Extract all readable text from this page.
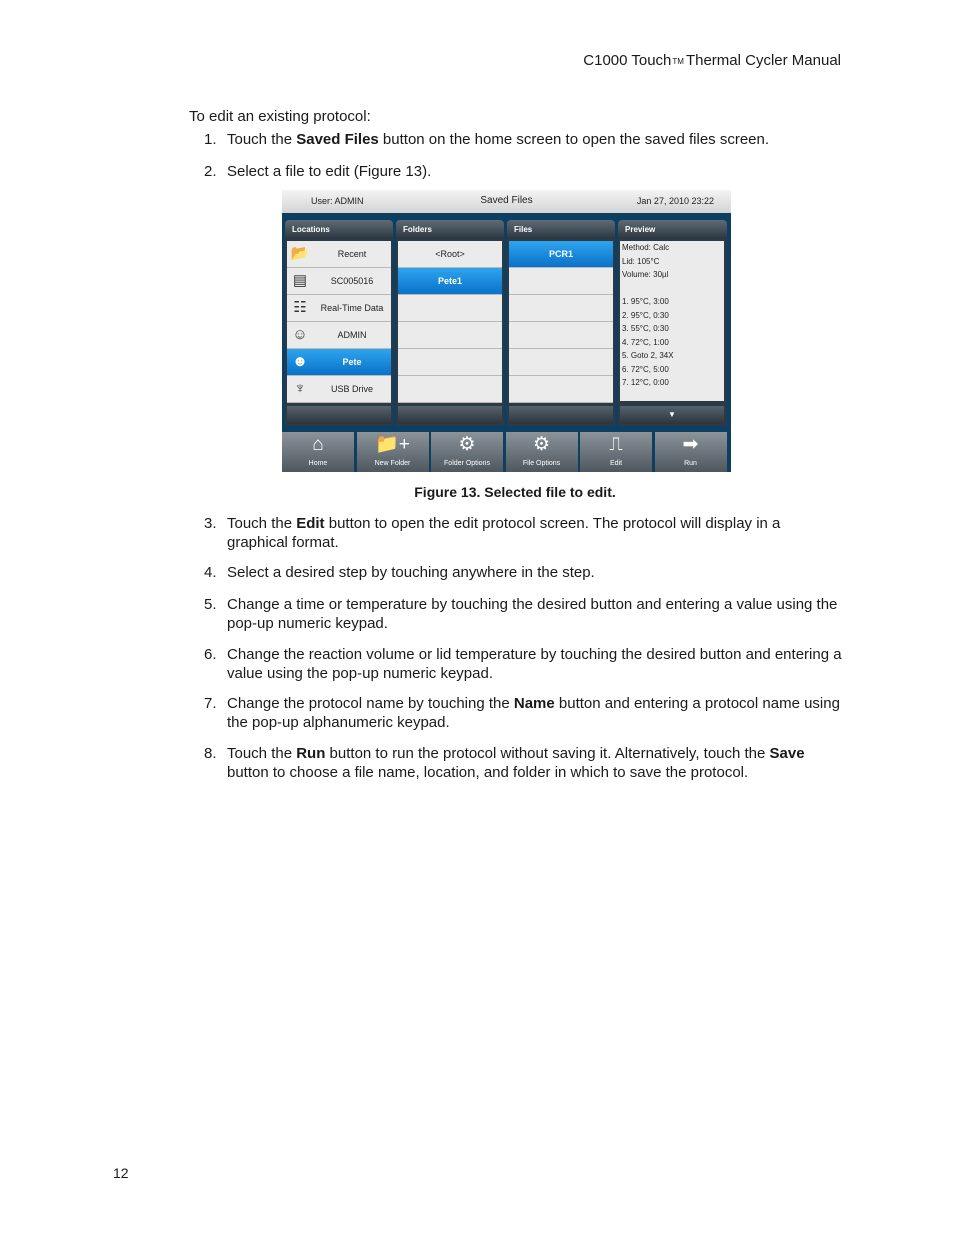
C1000 Touch™ Thermal Cycler Manual
To edit an existing protocol:
1. Touch the Saved Files button on the home screen to open the saved files screen.
2. Select a file to edit (Figure 13).
3. Touch the Edit button to open the edit protocol screen. The protocol will display in a graphical format.
4. Select a desired step by touching anywhere in the step.
5. Change a time or temperature by touching the desired button and entering a value using the pop-up numeric keypad.
6. Change the reaction volume or lid temperature by touching the desired button and entering a value using the pop-up numeric keypad.
7. Change the protocol name by touching the Name button and entering a protocol name using the pop-up alphanumeric keypad.
8. Touch the Run button to run the protocol without saving it. Alternatively, touch the Save button to choose a file name, location, and folder in which to save the protocol.
User: ADMIN	Saved Files	Jan 27, 2010 23:22
Locations
📂	Recent
▤	SC005016
☷	Real-Time Data
☺	ADMIN
☻	Pete
♆	USB Drive
Folders
<Root>
Pete1
Files
PCR1
Preview
Method: Calc
Lid: 105°C
Volume: 30µl

1. 95°C, 3:00
2. 95°C, 0:30
3. 55°C, 0:30
4. 72°C, 1:00
5. Goto 2, 34X
6. 72°C, 5:00
7. 12°C, 0:00
▼
⌂
Home
📁+
New Folder
⚙
Folder Options
⚙
File Options
⎍
Edit
➡
Run
Figure 13. Selected file to edit.
12
